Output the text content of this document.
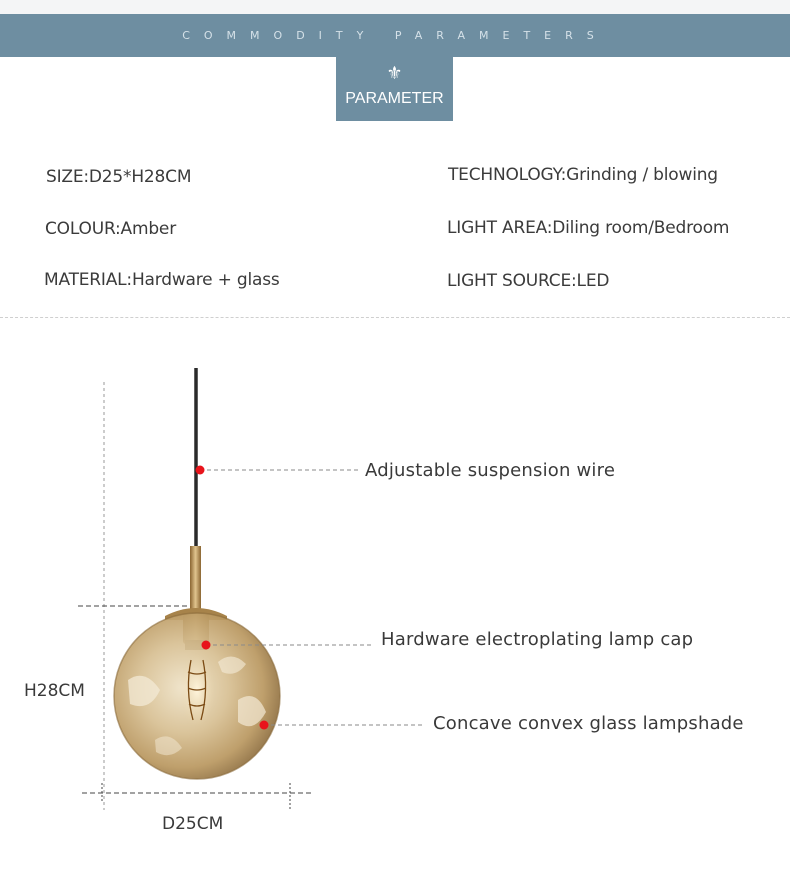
COMMODITY PARAMETERS
⚜
PARAMETER
SIZE:D25*H28CM
COLOUR:Amber
MATERIAL:Hardware + glass
TECHNOLOGY:Grinding / blowing
LIGHT AREA:Diling room/Bedroom
LIGHT SOURCE:LED
Adjustable suspension wire
Hardware electroplating lamp cap
Concave convex glass lampshade
H28CM
D25CM
